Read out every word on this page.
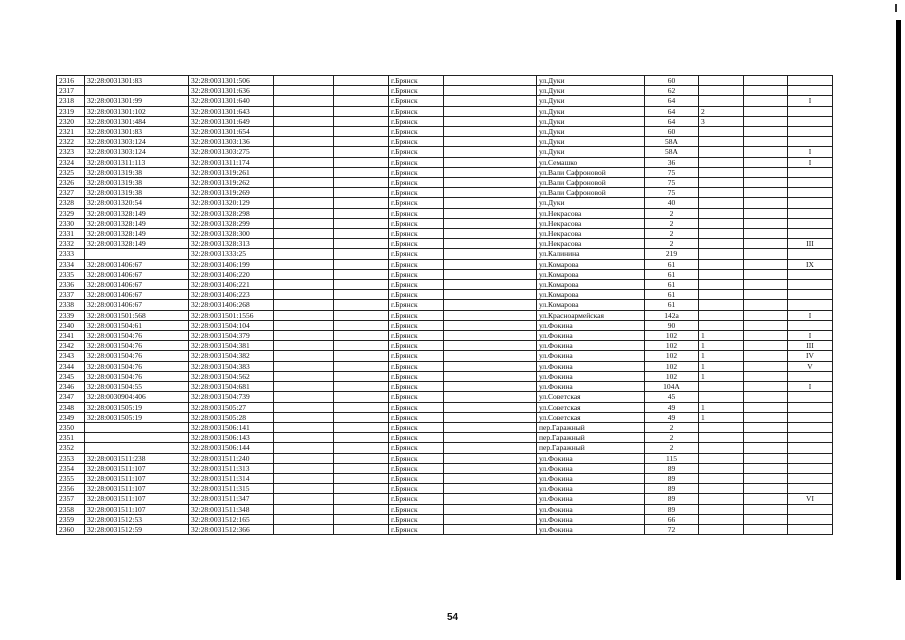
2316	32:28:0031301:83	32:28:0031301:506			г.Брянск		ул.Дуки	60			
2317		32:28:0031301:636			г.Брянск		ул.Дуки	62			
2318	32:28:0031301:99	32:28:0031301:640			г.Брянск		ул.Дуки	64			I
2319	32:28:0031301:102	32:28:0031301:643			г.Брянск		ул.Дуки	64	2		
2320	32:28:0031301:484	32:28:0031301:649			г.Брянск		ул.Дуки	64	3		
2321	32:28:0031301:83	32:28:0031301:654			г.Брянск		ул.Дуки	60			
2322	32:28:0031303:124	32:28:0031303:136			г.Брянск		ул.Дуки	58А			
2323	32:28:0031303:124	32:28:0031303:275			г.Брянск		ул.Дуки	58А			I
2324	32:28:0031311:113	32:28:0031311:174			г.Брянск		ул.Семашко	36			I
2325	32:28:0031319:38	32:28:0031319:261			г.Брянск		ул.Вали Сафроновой	75			
2326	32:28:0031319:38	32:28:0031319:262			г.Брянск		ул.Вали Сафроновой	75			
2327	32:28:0031319:38	32:28:0031319:269			г.Брянск		ул.Вали Сафроновой	75			
2328	32:28:0031320:54	32:28:0031320:129			г.Брянск		ул.Дуки	40			
2329	32:28:0031328:149	32:28:0031328:298			г.Брянск		ул.Некрасова	2			
2330	32:28:0031328:149	32:28:0031328:299			г.Брянск		ул.Некрасова	2			
2331	32:28:0031328:149	32:28:0031328:300			г.Брянск		ул.Некрасова	2			
2332	32:28:0031328:149	32:28:0031328:313			г.Брянск		ул.Некрасова	2			III
2333		32:28:0031333:25			г.Брянск		ул.Калинина	219			
2334	32:28:0031406:67	32:28:0031406:199			г.Брянск		ул.Комарова	61			IX
2335	32:28:0031406:67	32:28:0031406:220			г.Брянск		ул.Комарова	61			
2336	32:28:0031406:67	32:28:0031406:221			г.Брянск		ул.Комарова	61			
2337	32:28:0031406:67	32:28:0031406:223			г.Брянск		ул.Комарова	61			
2338	32:28:0031406:67	32:28:0031406:268			г.Брянск		ул.Комарова	61			
2339	32:28:0031501:568	32:28:0031501:1556			г.Брянск		ул.Красноармейская	142а			I
2340	32:28:0031504:61	32:28:0031504:104			г.Брянск		ул.Фокина	90			
2341	32:28:0031504:76	32:28:0031504:379			г.Брянск		ул.Фокина	102	1		I
2342	32:28:0031504:76	32:28:0031504:381			г.Брянск		ул.Фокина	102	1		III
2343	32:28:0031504:76	32:28:0031504:382			г.Брянск		ул.Фокина	102	1		IV
2344	32:28:0031504:76	32:28:0031504:383			г.Брянск		ул.Фокина	102	1		V
2345	32:28:0031504:76	32:28:0031504:562			г.Брянск		ул.Фокина	102	1		
2346	32:28:0031504:55	32:28:0031504:681			г.Брянск		ул.Фокина	104А			I
2347	32:28:0030904:406	32:28:0031504:739			г.Брянск		ул.Советская	45			
2348	32:28:0031505:19	32:28:0031505:27			г.Брянск		ул.Советская	49	1		
2349	32:28:0031505:19	32:28:0031505:28			г.Брянск		ул.Советская	49	1		
2350		32:28:0031506:141			г.Брянск		пер.Гаражный	2			
2351		32:28:0031506:143			г.Брянск		пер.Гаражный	2			
2352		32:28:0031506:144			г.Брянск		пер.Гаражный	2			
2353	32:28:0031511:238	32:28:0031511:240			г.Брянск		ул.Фокина	115			
2354	32:28:0031511:107	32:28:0031511:313			г.Брянск		ул.Фокина	89			
2355	32:28:0031511:107	32:28:0031511:314			г.Брянск		ул.Фокина	89			
2356	32:28:0031511:107	32:28:0031511:315			г.Брянск		ул.Фокина	89			
2357	32:28:0031511:107	32:28:0031511:347			г.Брянск		ул.Фокина	89			VI
2358	32:28:0031511:107	32:28:0031511:348			г.Брянск		ул.Фокина	89			
2359	32:28:0031512:53	32:28:0031512:165			г.Брянск		ул.Фокина	66			
2360	32:28:0031512:59	32:28:0031512:366			г.Брянск		ул.Фокина	72			
54
